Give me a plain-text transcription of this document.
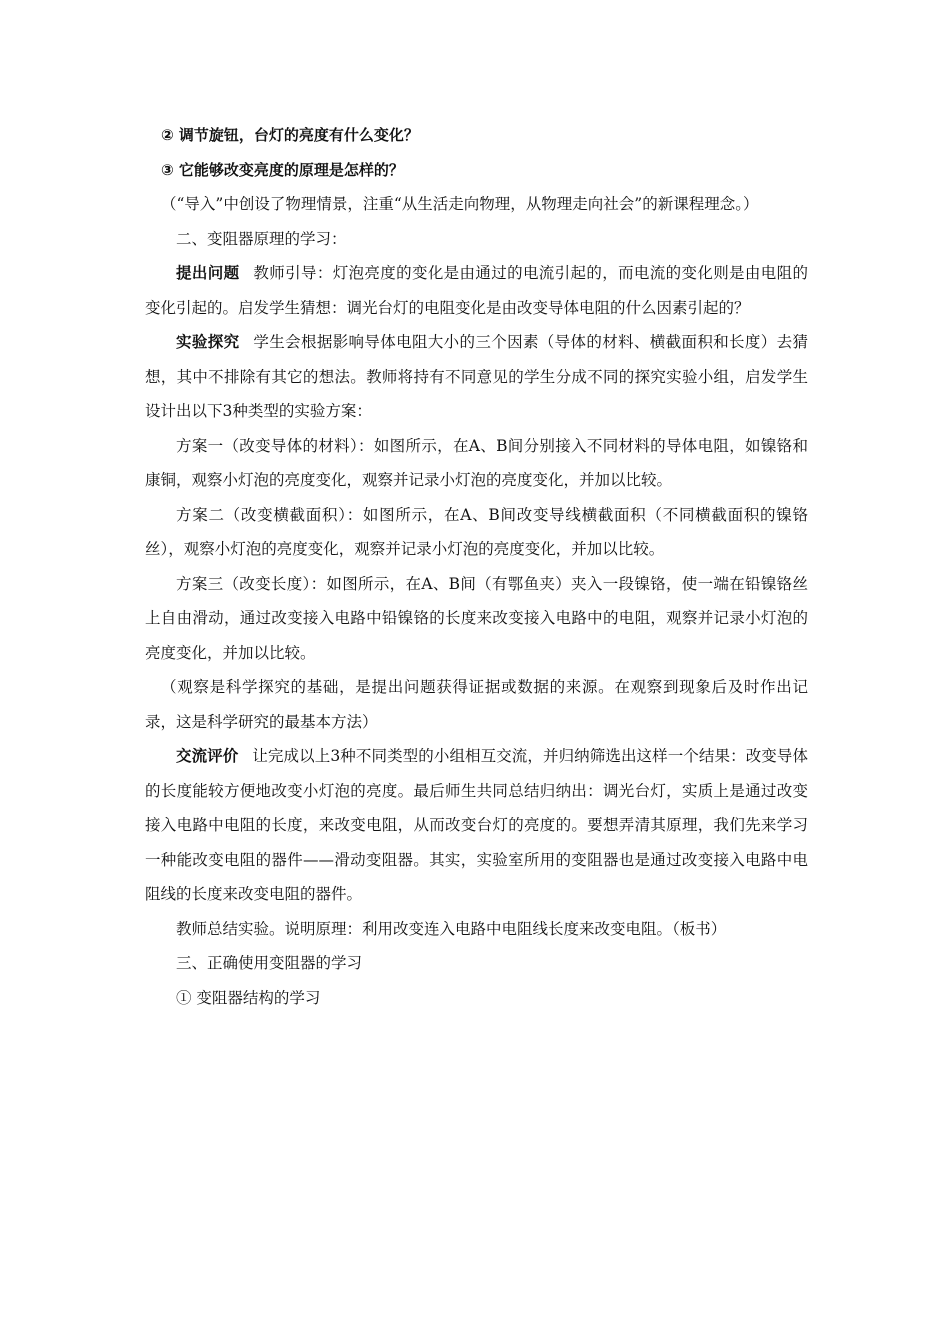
② 调节旋钮，台灯的亮度有什么变化？

③ 它能够改变亮度的原理是怎样的？

（“导入”中创设了物理情景，注重“从生活走向物理，从物理走向社会”的新课程理念。）

二、变阻器原理的学习：

提出问题 教师引导：灯泡亮度的变化是由通过的电流引起的，而电流的变化则是由电阻的变化引起的。启发学生猜想：调光台灯的电阻变化是由改变导体电阻的什么因素引起的？

实验探究 学生会根据影响导体电阻大小的三个因素（导体的材料、横截面积和长度）去猜想，其中不排除有其它的想法。教师将持有不同意见的学生分成不同的探究实验小组，启发学生设计出以下3种类型的实验方案：

方案一（改变导体的材料）：如图所示，在A、B间分别接入不同材料的导体电阻，如镍铬和康铜，观察小灯泡的亮度变化，观察并记录小灯泡的亮度变化，并加以比较。

方案二（改变横截面积）：如图所示，在A、B间改变导线横截面积（不同横截面积的镍铬丝），观察小灯泡的亮度变化，观察并记录小灯泡的亮度变化，并加以比较。

方案三（改变长度）：如图所示，在A、B间（有鄂鱼夹）夹入一段镍铬，使一端在铅镍铬丝上自由滑动，通过改变接入电路中铅镍铬的长度来改变接入电路中的电阻，观察并记录小灯泡的亮度变化，并加以比较。

（观察是科学探究的基础，是提出问题获得证据或数据的来源。在观察到现象后及时作出记录，这是科学研究的最基本方法）

交流评价 让完成以上3种不同类型的小组相互交流，并归纳筛选出这样一个结果：改变导体的长度能较方便地改变小灯泡的亮度。最后师生共同总结归纳出：调光台灯，实质上是通过改变接入电路中电阻的长度，来改变电阻，从而改变台灯的亮度的。要想弄清其原理，我们先来学习一种能改变电阻的器件——滑动变阻器。其实，实验室所用的变阻器也是通过改变接入电路中电阻线的长度来改变电阻的器件。

教师总结实验。说明原理：利用改变连入电路中电阻线长度来改变电阻。（板书）

三、正确使用变阻器的学习

① 变阻器结构的学习
